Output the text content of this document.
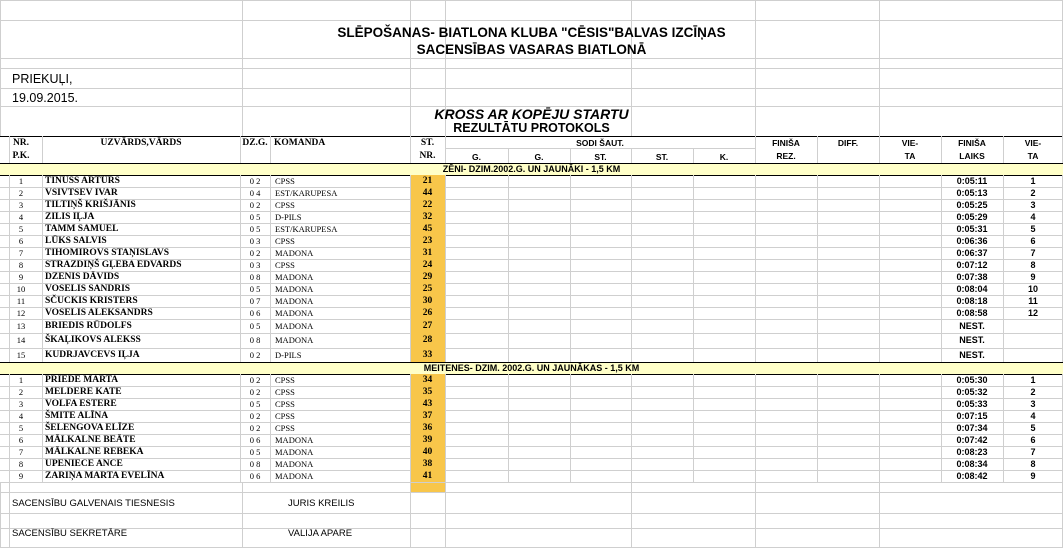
SLĒPOŠANAS- BIATLONA KLUBA "CĒSIS"BALVAS IZCĪŅAS
SACENSĪBAS VASARAS BIATLONĀ
PRIEKUĻI,
19.09.2015.
KROSS AR KOPĒJU STARTU
REZULTĀTU PROTOKOLS
NR.
P.K.
UZVĀRDS,VĀRDS	DZ.G. KOMANDA	ST.
NR.
SODI ŠAUT.
G.	G.	ST.	ST.	K.
FINIŠA
REZ.
DIFF.	VIE-
TA
FINIŠA
LAIKS
VIE-
TA
ZĒNI- DZIM.2002.G. UN JAUNĀKI - 1,5 KM
1	TINUSS ARTŪRS	0 2	CPSS	21	0:05:11	1
2	VSIVTSEV IVAR	0 4	EST/KARUPESA	44	0:05:13	2
3	TILTIŅŠ KRIŠJĀNIS	0 2	CPSS	22	0:05:25	3
4	ZILIS IĻJA	0 5	D-PILS	32	0:05:29	4
5	TAMM SAMUEL	0 5	EST/KARUPESA	45	0:05:31	5
6	LŪKS SALVIS	0 3	CPSS	23	0:06:36	6
7	TIHOMIROVS STAŅISLAVS	0 2	MADONA	31	0:06:37	7
8	STRAZDIŅŠ GĻEBA EDVARDS	0 3	CPSS	24	0:07:12	8
9	DZENIS DĀVIDS	0 8	MADONA	29	0:07:38	9
10	VOSELIS SANDRIS	0 5	MADONA	25	0:08:04	10
11	SČUCKIS KRISTERS	0 7	MADONA	30	0:08:18	11
12	VOSELIS ALEKSANDRS	0 6	MADONA	26	0:08:58	12
13	BRIEDIS RŪDOLFS	0 5	MADONA	27	NEST.
14	ŠKAĻIKOVS ALEKSS	0 8	MADONA	28	NEST.
15	KUDRJAVCEVS IĻJA	0 2	D-PILS	33	NEST.
MEITENES- DZIM. 2002.G. UN JAUNĀKAS - 1,5 KM
1	PRIEDE MARTA	0 2	CPSS	34	0:05:30	1
2	MELDERE KATE	0 2	CPSS	35	0:05:32	2
3	VOLFA ESTERE	0 5	CPSS	43	0:05:33	3
4	ŠMITE ALĪNA	0 2	CPSS	37	0:07:15	4
5	ŠELENGOVA ELĪZE	0 2	CPSS	36	0:07:34	5
6	MĀLKALNE BEĀTE	0 6	MADONA	39	0:07:42	6
7	MĀLKALNE REBEKA	0 5	MADONA	40	0:08:23	7
8	UPENIECE ANCE	0 8	MADONA	38	0:08:34	8
9	ZARIŅA MARTA EVELĪNA	0 6	MADONA	41	0:08:42	9
SACENSĪBU GALVENAIS TIESNESIS	JURIS KREILIS
SACENSĪBU SEKRETĀRE	VALIJA APARE
